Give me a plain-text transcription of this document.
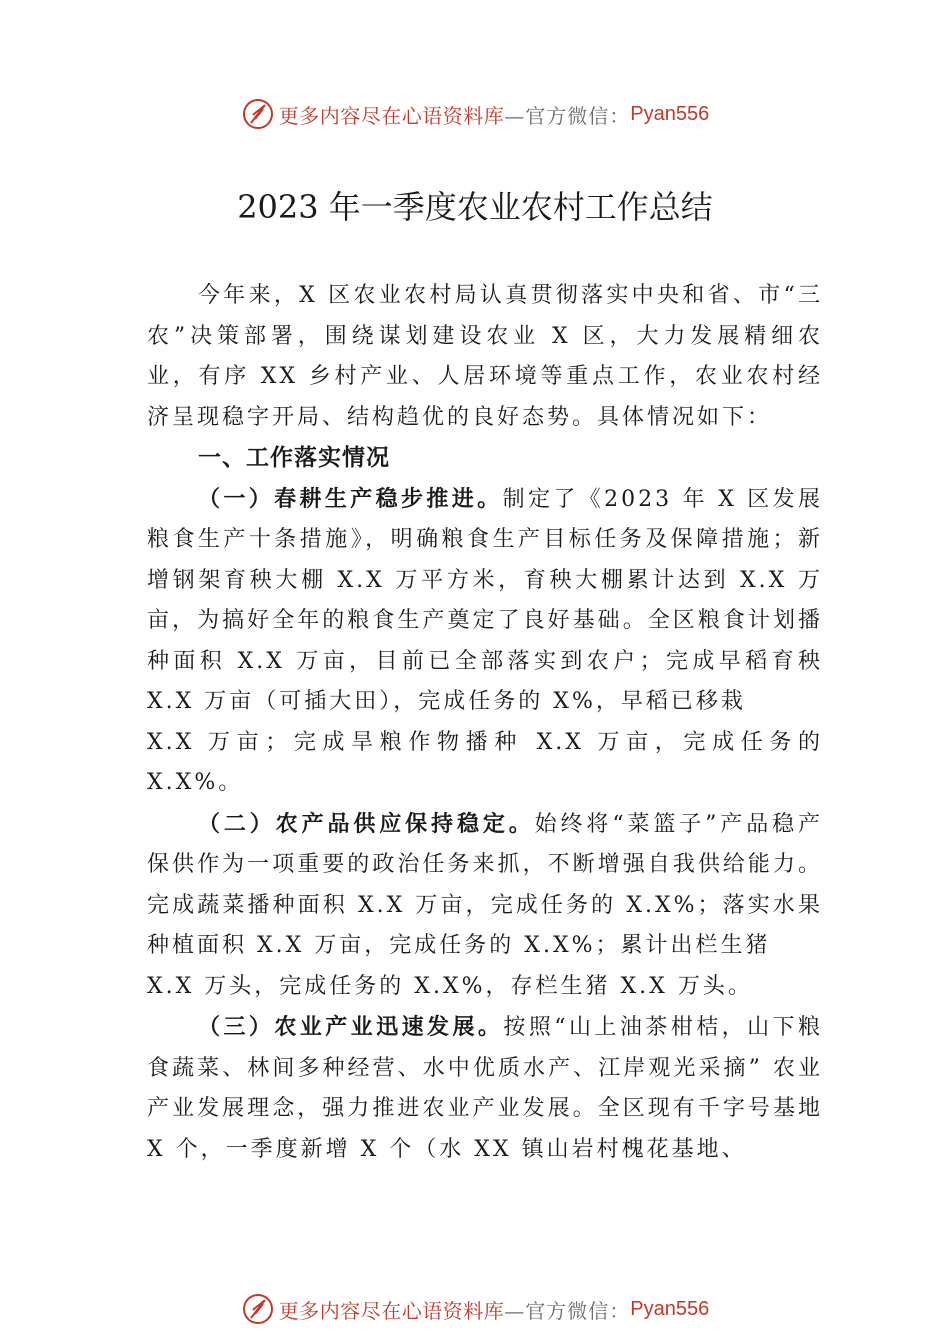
更多内容尽在心语资料库 —官方微信： Pyan556
2023 年一季度农业农村工作总结

今年来，X 区农业农村局认真贯彻落实中央和省、市“三农”决策部署，围绕谋划建设农业 X 区，大力发展精细农业，有序 XX 乡村产业、人居环境等重点工作，农业农村经济呈现稳字开局、结构趋优的良好态势。具体情况如下：

一、工作落实情况

（一）春耕生产稳步推进。制定了《2023 年 X 区发展粮食生产十条措施》，明确粮食生产目标任务及保障措施；新增钢架育秧大棚 X.X 万平方米，育秧大棚累计达到 X.X 万亩，为搞好全年的粮食生产奠定了良好基础。全区粮食计划播种面积 X.X 万亩，目前已全部落实到农户；完成早稻育秧 X.X 万亩（可插大田），完成任务的 X%，早稻已移栽

X.X 万亩；完成旱粮作物播种 X.X 万亩，完成任务的 X.X%。

（二）农产品供应保持稳定。始终将“菜篮子”产品稳产保供作为一项重要的政治任务来抓，不断增强自我供给能力。完成蔬菜播种面积 X.X 万亩，完成任务的 X.X%；落实水果种植面积 X.X 万亩，完成任务的 X.X%；累计出栏生猪

X.X 万头，完成任务的 X.X%，存栏生猪 X.X 万头。

（三）农业产业迅速发展。按照“山上油茶柑桔，山下粮食蔬菜、林间多种经营、水中优质水产、江岸观光采摘” 农业产业发展理念，强力推进农业产业发展。全区现有千字号基地 X 个，一季度新增 X 个（水 XX 镇山岩村槐花基地、

更多内容尽在心语资料库 —官方微信： Pyan556
